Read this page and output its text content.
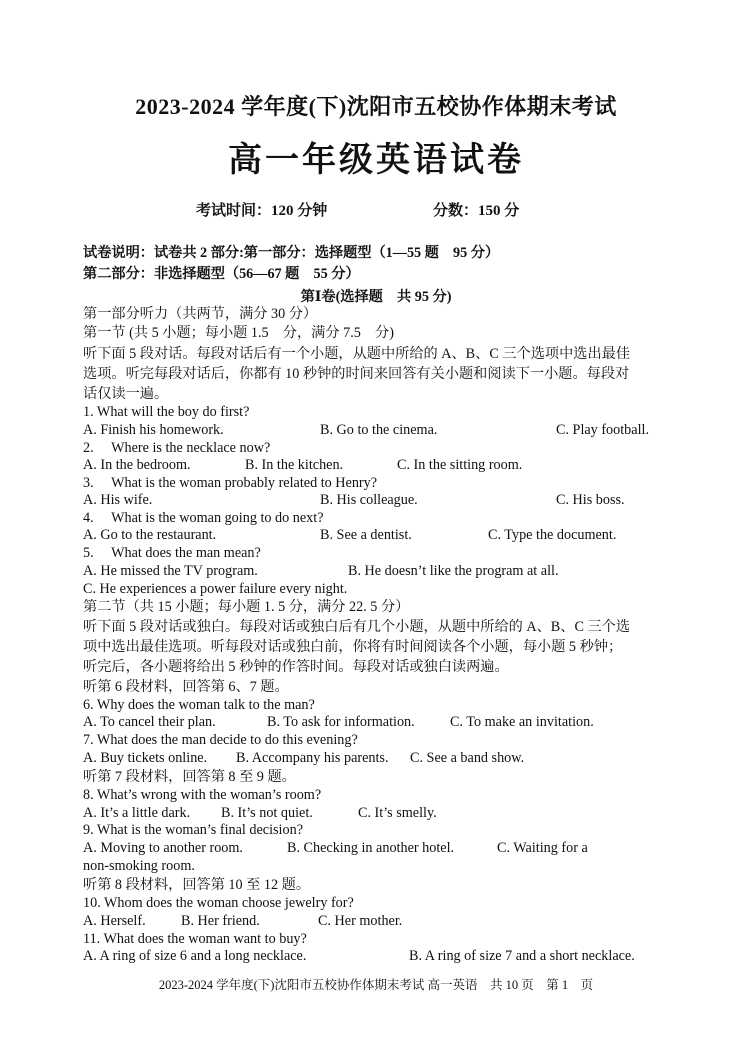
2023-2024 学年度(下)沈阳市五校协作体期末考试
高一年级英语试卷
考试时间：120 分钟	分数：150 分
试卷说明：试卷共 2 部分:第一部分：选择题型（1—55 题　95 分）
第二部分：非选择题型（56—67 题　55 分）
第Ⅰ卷(选择题　共 95 分)
第一部分听力（共两节，满分 30 分）
第一节 (共 5 小题；每小题 1.5　分，满分 7.5　分)
听下面 5 段对话。每段对话后有一个小题，从题中所给的 A、B、C 三个选项中选出最佳
选项。听完每段对话后，你都有 10 秒钟的时间来回答有关小题和阅读下一小题。每段对
话仅读一遍。
1. What will the boy do first?
A. Finish his homework.	B. Go to the cinema.	C. Play football.
2.　 Where is the necklace now?
A. In the bedroom.	B. In the kitchen.	C. In the sitting room.
3.　 What is the woman probably related to Henry?
A. His wife.	B. His colleague.	C. His boss.
4.　 What is the woman going to do next?
A. Go to the restaurant.	B. See a dentist.	C. Type the document.
5.　 What does the man mean?
A. He missed the TV program.	B. He doesn’t like the program at all.
C. He experiences a power failure every night.
第二节（共 15 小题；每小题 1. 5 分，满分 22. 5 分）
听下面 5 段对话或独白。每段对话或独白后有几个小题，从题中所给的 A、B、C 三个选
项中选出最佳选项。听每段对话或独白前，你将有时间阅读各个小题，每小题 5 秒钟；
听完后，各小题将给出 5 秒钟的作答时间。每段对话或独白读两遍。
听第 6 段材料，回答第 6、7 题。
6. Why does the woman talk to the man?
A. To cancel their plan.	B. To ask for information. C. To make an invitation.
7. What does the man decide to do this evening?
A. Buy tickets online. B. Accompany his parents. C. See a band show.
听第 7 段材料，回答第 8 至 9 题。
8. What’s wrong with the woman’s room?
A. It’s a little dark. B. It’s not quiet.	C. It’s smelly.
9. What is the woman’s final decision?
A. Moving to another room.	B. Checking in another hotel.	C. Waiting for a
non-smoking room.
听第 8 段材料，回答第 10 至 12 题。
10. Whom does the woman choose jewelry for?
A. Herself. B. Her friend.	C. Her mother.
11. What does the woman want to buy?
A. A ring of size 6 and a long necklace.	B. A ring of size 7 and a short necklace.
2023-2024 学年度(下)沈阳市五校协作体期末考试 高一英语　共 10 页　第 1　页
